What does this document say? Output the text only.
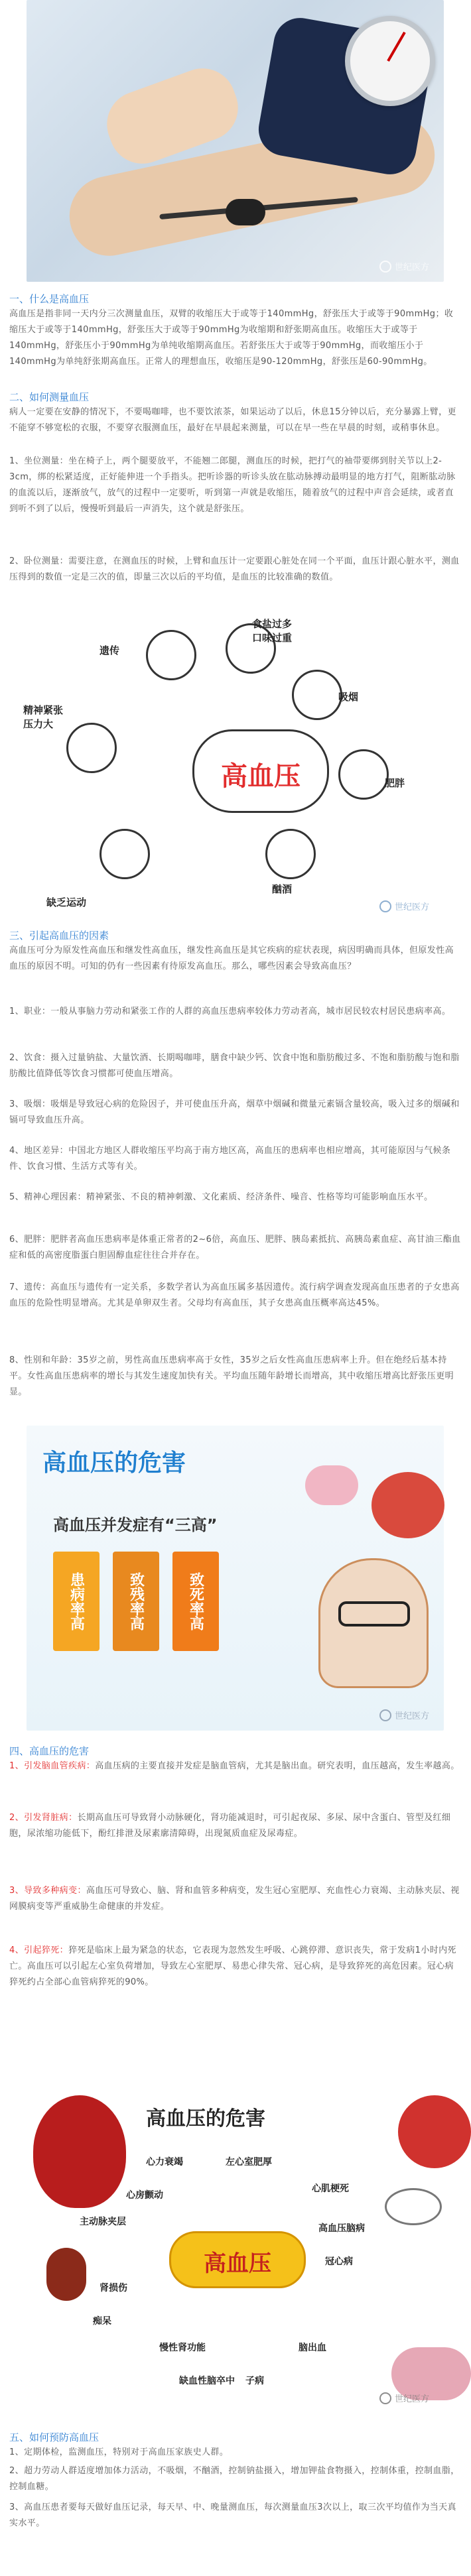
世纪医方
一、什么是高血压
高血压是指非同一天内分三次测量血压，双臂的收缩压大于或等于140mmHg，舒张压大于或等于90mmHg；收缩压大于或等于140mmHg，舒张压大于或等于90mmHg为收缩期和舒张期高血压。收缩压大于或等于140mmHg，舒张压小于90mmHg为单纯收缩期高血压。若舒张压大于或等于90mmHg，而收缩压小于140mmHg为单纯舒张期高血压。正常人的理想血压，收缩压是90-120mmHg，舒张压是60-90mmHg。
二、如何测量血压
病人一定要在安静的情况下，不要喝咖啡，也不要饮浓茶，如果运动了以后，休息15分钟以后，充分暴露上臂，更不能穿不够宽松的衣服，不要穿衣服测血压，最好在早晨起来测量，可以在早一些在早晨的时刻，或稍事休息。
1、坐位测量：坐在椅子上，两个腿要放平，不能翘二郎腿，测血压的时候，把打气的袖带要绑到肘关节以上2-3cm，绑的松紧适度，正好能伸进一个手指头。把听诊器的听诊头放在肱动脉搏动最明显的地方打气，阻断肱动脉的血流以后，逐渐放气，放气的过程中一定要听，听到第一声就是收缩压，随着放气的过程中声音会延续，或者直到听不到了以后，慢慢听到最后一声消失，这个就是舒张压。
2、卧位测量：需要注意，在测血压的时候，上臂和血压计一定要跟心脏处在同一个平面，血压计跟心脏水平，测血压得到的数值一定是三次的值，即量三次以后的平均值，是血压的比较准确的数值。
高血压
遗传
食盐过多
口味过重
吸烟
精神紧张
压力大
肥胖
缺乏运动
酗酒
世纪医方
三、引起高血压的因素
高血压可分为原发性高血压和继发性高血压，继发性高血压是其它疾病的症状表现，病因明确而具体，但原发性高血压的原因不明。可知的仍有一些因素有待原发高血压。那么，哪些因素会导致高血压？
1、职业：一般从事脑力劳动和紧张工作的人群的高血压患病率较体力劳动者高，城市居民较农村居民患病率高。
2、饮食：摄入过量钠盐、大量饮酒、长期喝咖啡，膳食中缺少钙、饮食中饱和脂肪酸过多、不饱和脂肪酸与饱和脂肪酸比值降低等饮食习惯都可使血压增高。
3、吸烟：吸烟是导致冠心病的危险因子，并可使血压升高，烟草中烟碱和微量元素镉含量较高，吸入过多的烟碱和镉可导致血压升高。
4、地区差异：中国北方地区人群收缩压平均高于南方地区高，高血压的患病率也相应增高，其可能原因与气候条件、饮食习惯、生活方式等有关。
5、精神心理因素：精神紧张、不良的精神刺激、文化素质、经济条件、噪音、性格等均可能影响血压水平。
6、肥胖：肥胖者高血压患病率是体重正常者的2~6倍，高血压、肥胖、胰岛素抵抗、高胰岛素血症、高甘油三酯血症和低的高密度脂蛋白胆固醇血症往往合并存在。
7、遗传：高血压与遗传有一定关系，多数学者认为高血压属多基因遗传。流行病学调查发现高血压患者的子女患高血压的危险性明显增高。尤其是单卵双生者。父母均有高血压，其子女患高血压概率高达45%。
8、性别和年龄：35岁之前，男性高血压患病率高于女性，35岁之后女性高血压患病率上升。但在绝经后基本持平。女性高血压患病率的增长与其发生速度加快有关。平均血压随年龄增长而增高，其中收缩压增高比舒张压更明显。
高血压的危害
高血压并发症有“三高”
患病率高	致残率高	致死率高
世纪医方
四、高血压的危害
1、引发脑血管疾病：高血压病的主要直接并发症是脑血管病，尤其是脑出血。研究表明，血压越高，发生率越高。
2、引发肾脏病：长期高血压可导致肾小动脉硬化，肾功能减退时，可引起夜尿、多尿、尿中含蛋白、管型及红细胞，尿浓缩功能低下，酚红排泄及尿素廓清障碍，出现氮质血症及尿毒症。
3、导致多种病变：高血压可导致心、脑、肾和血管多种病变，发生冠心室肥厚、充血性心力衰竭、主动脉夹层、视网膜病变等严重威胁生命健康的并发症。
4、引起猝死：猝死是临床上最为紧急的状态，它表现为忽然发生呼吸、心跳停滞、意识丧失，常于发病1小时内死亡。高血压可以引起左心室负荷增加，导致左心室肥厚、易患心律失常、冠心病，是导致猝死的高危因素。冠心病猝死约占全部心血管病猝死的90%。
高血压的危害
高血压
心力衰竭	左心室肥厚
心房颤动
心肌梗死
主动脉夹层
高血压脑病
冠心病
肾损伤
痴呆
慢性肾功能
缺血性脑卒中 子病
脑出血
世纪医方
五、如何预防高血压
1、定期体检，监测血压，特别对于高血压家族史人群。
2、超力劳动人群适度增加体力活动，不吸烟，不酗酒，控制钠盐摄入，增加钾盐食物摄入，控制体重，控制血脂，控制血糖。
3、高血压患者要每天做好血压记录，每天早、中、晚量测血压，每次测量血压3次以上，取三次平均值作为当天真实水平。
